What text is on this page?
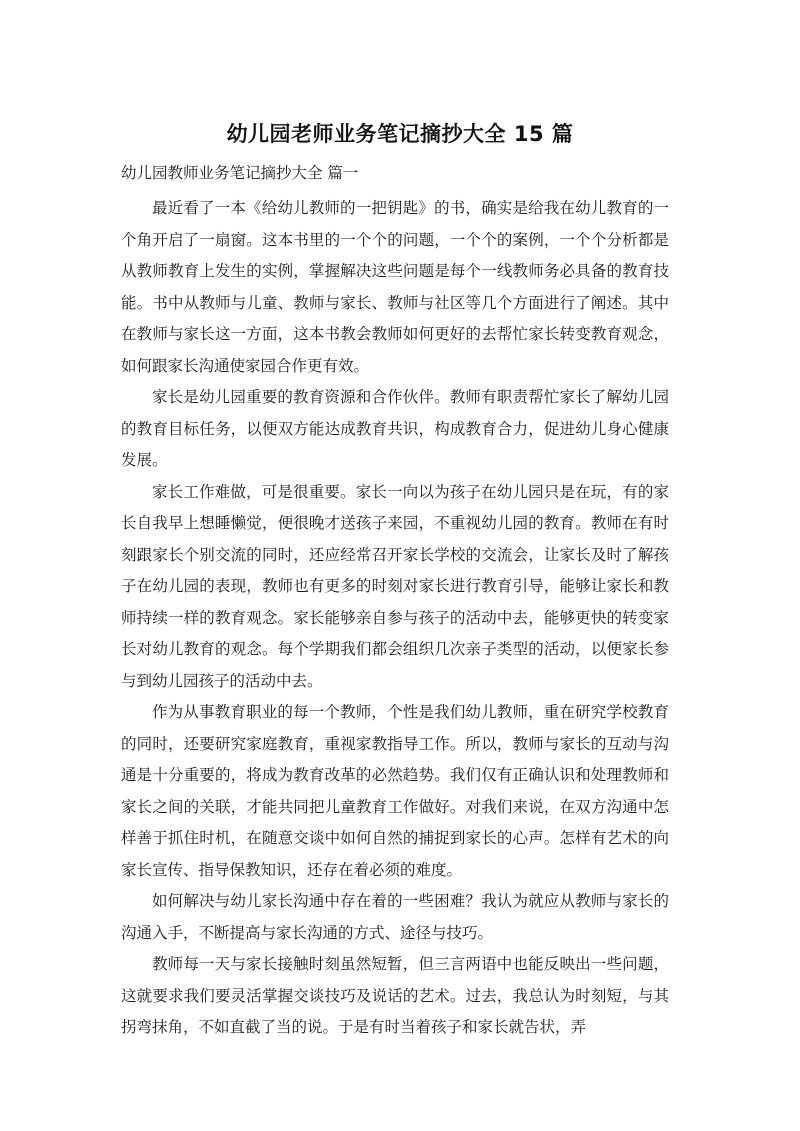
幼儿园老师业务笔记摘抄大全 15 篇
幼儿园教师业务笔记摘抄大全 篇一

最近看了一本《给幼儿教师的一把钥匙》的书，确实是给我在幼儿教育的一个角开启了一扇窗。这本书里的一个个的问题，一个个的案例，一个个分析都是从教师教育上发生的实例，掌握解决这些问题是每个一线教师务必具备的教育技能。书中从教师与儿童、教师与家长、教师与社区等几个方面进行了阐述。其中在教师与家长这一方面，这本书教会教师如何更好的去帮忙家长转变教育观念，如何跟家长沟通使家园合作更有效。

家长是幼儿园重要的教育资源和合作伙伴。教师有职责帮忙家长了解幼儿园的教育目标任务，以便双方能达成教育共识，构成教育合力，促进幼儿身心健康发展。

家长工作难做，可是很重要。家长一向以为孩子在幼儿园只是在玩，有的家长自我早上想睡懒觉，便很晚才送孩子来园，不重视幼儿园的教育。教师在有时刻跟家长个别交流的同时，还应经常召开家长学校的交流会，让家长及时了解孩子在幼儿园的表现，教师也有更多的时刻对家长进行教育引导，能够让家长和教师持续一样的教育观念。家长能够亲自参与孩子的活动中去，能够更快的转变家长对幼儿教育的观念。每个学期我们都会组织几次亲子类型的活动，以便家长参与到幼儿园孩子的活动中去。

作为从事教育职业的每一个教师，个性是我们幼儿教师，重在研究学校教育的同时，还要研究家庭教育，重视家教指导工作。所以，教师与家长的互动与沟通是十分重要的，将成为教育改革的必然趋势。我们仅有正确认识和处理教师和家长之间的关联，才能共同把儿童教育工作做好。对我们来说，在双方沟通中怎样善于抓住时机，在随意交谈中如何自然的捕捉到家长的心声。怎样有艺术的向家长宣传、指导保教知识，还存在着必须的难度。

如何解决与幼儿家长沟通中存在着的一些困难？我认为就应从教师与家长的沟通入手，不断提高与家长沟通的方式、途径与技巧。

教师每一天与家长接触时刻虽然短暂，但三言两语中也能反映出一些问题，这就要求我们要灵活掌握交谈技巧及说话的艺术。过去，我总认为时刻短，与其拐弯抹角，不如直截了当的说。于是有时当着孩子和家长就告状，弄
